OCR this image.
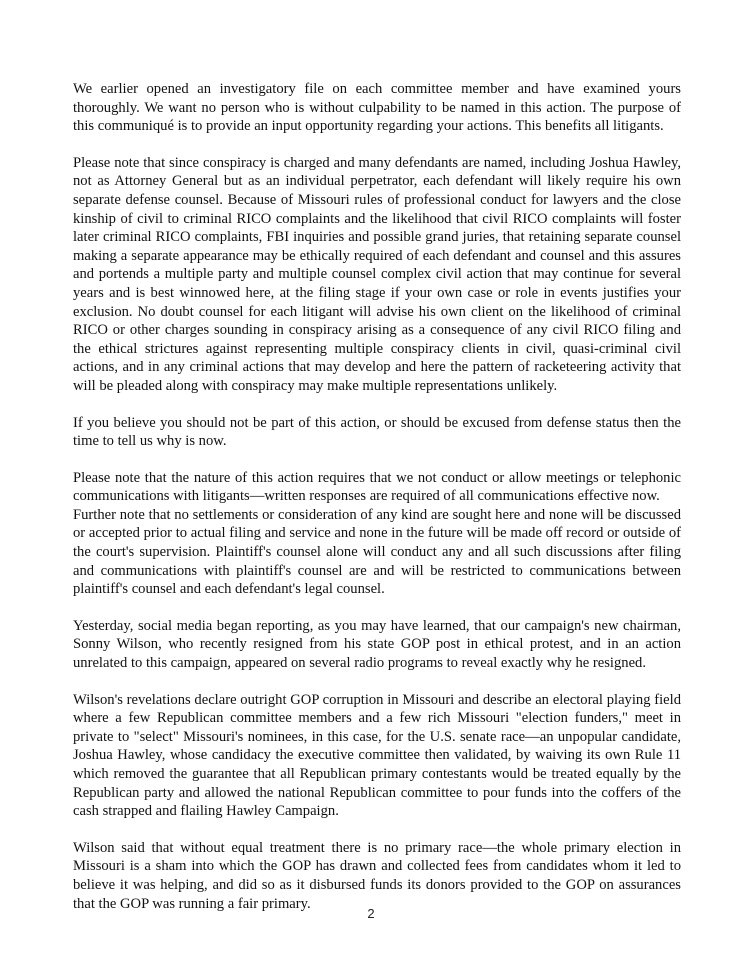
We earlier opened an investigatory file on each committee member and have examined yours thoroughly. We want no person who is without culpability to be named in this action. The purpose of this communiqué is to provide an input opportunity regarding your actions. This benefits all litigants.

Please note that since conspiracy is charged and many defendants are named, including Joshua Hawley, not as Attorney General but as an individual perpetrator, each defendant will likely require his own separate defense counsel. Because of Missouri rules of professional conduct for lawyers and the close kinship of civil to criminal RICO complaints and the likelihood that civil RICO complaints will foster later criminal RICO complaints, FBI inquiries and possible grand juries, that retaining separate counsel making a separate appearance may be ethically required of each defendant and counsel and this assures and portends a multiple party and multiple counsel complex civil action that may continue for several years and is best winnowed here, at the filing stage if your own case or role in events justifies your exclusion. No doubt counsel for each litigant will advise his own client on the likelihood of criminal RICO or other charges sounding in conspiracy arising as a consequence of any civil RICO filing and the ethical strictures against representing multiple conspiracy clients in civil, quasi-criminal civil actions, and in any criminal actions that may develop and here the pattern of racketeering activity that will be pleaded along with conspiracy may make multiple representations unlikely.

If you believe you should not be part of this action, or should be excused from defense status then the time to tell us why is now.

Please note that the nature of this action requires that we not conduct or allow meetings or telephonic communications with litigants—written responses are required of all communications effective now.
Further note that no settlements or consideration of any kind are sought here and none will be discussed or accepted prior to actual filing and service and none in the future will be made off record or outside of the court's supervision. Plaintiff's counsel alone will conduct any and all such discussions after filing and communications with plaintiff's counsel are and will be restricted to communications between plaintiff's counsel and each defendant's legal counsel.

Yesterday, social media began reporting, as you may have learned, that our campaign's new chairman, Sonny Wilson, who recently resigned from his state GOP post in ethical protest, and in an action unrelated to this campaign, appeared on several radio programs to reveal exactly why he resigned.

Wilson's revelations declare outright GOP corruption in Missouri and describe an electoral playing field where a few Republican committee members and a few rich Missouri "election funders," meet in private to "select" Missouri's nominees, in this case, for the U.S. senate race—an unpopular candidate, Joshua Hawley, whose candidacy the executive committee then validated, by waiving its own Rule 11 which removed the guarantee that all Republican primary contestants would be treated equally by the Republican party and allowed the national Republican committee to pour funds into the coffers of the cash strapped and flailing Hawley Campaign.

Wilson said that without equal treatment there is no primary race—the whole primary election in Missouri is a sham into which the GOP has drawn and collected fees from candidates whom it led to believe it was helping, and did so as it disbursed funds its donors provided to the GOP on assurances that the GOP was running a fair primary.

2
